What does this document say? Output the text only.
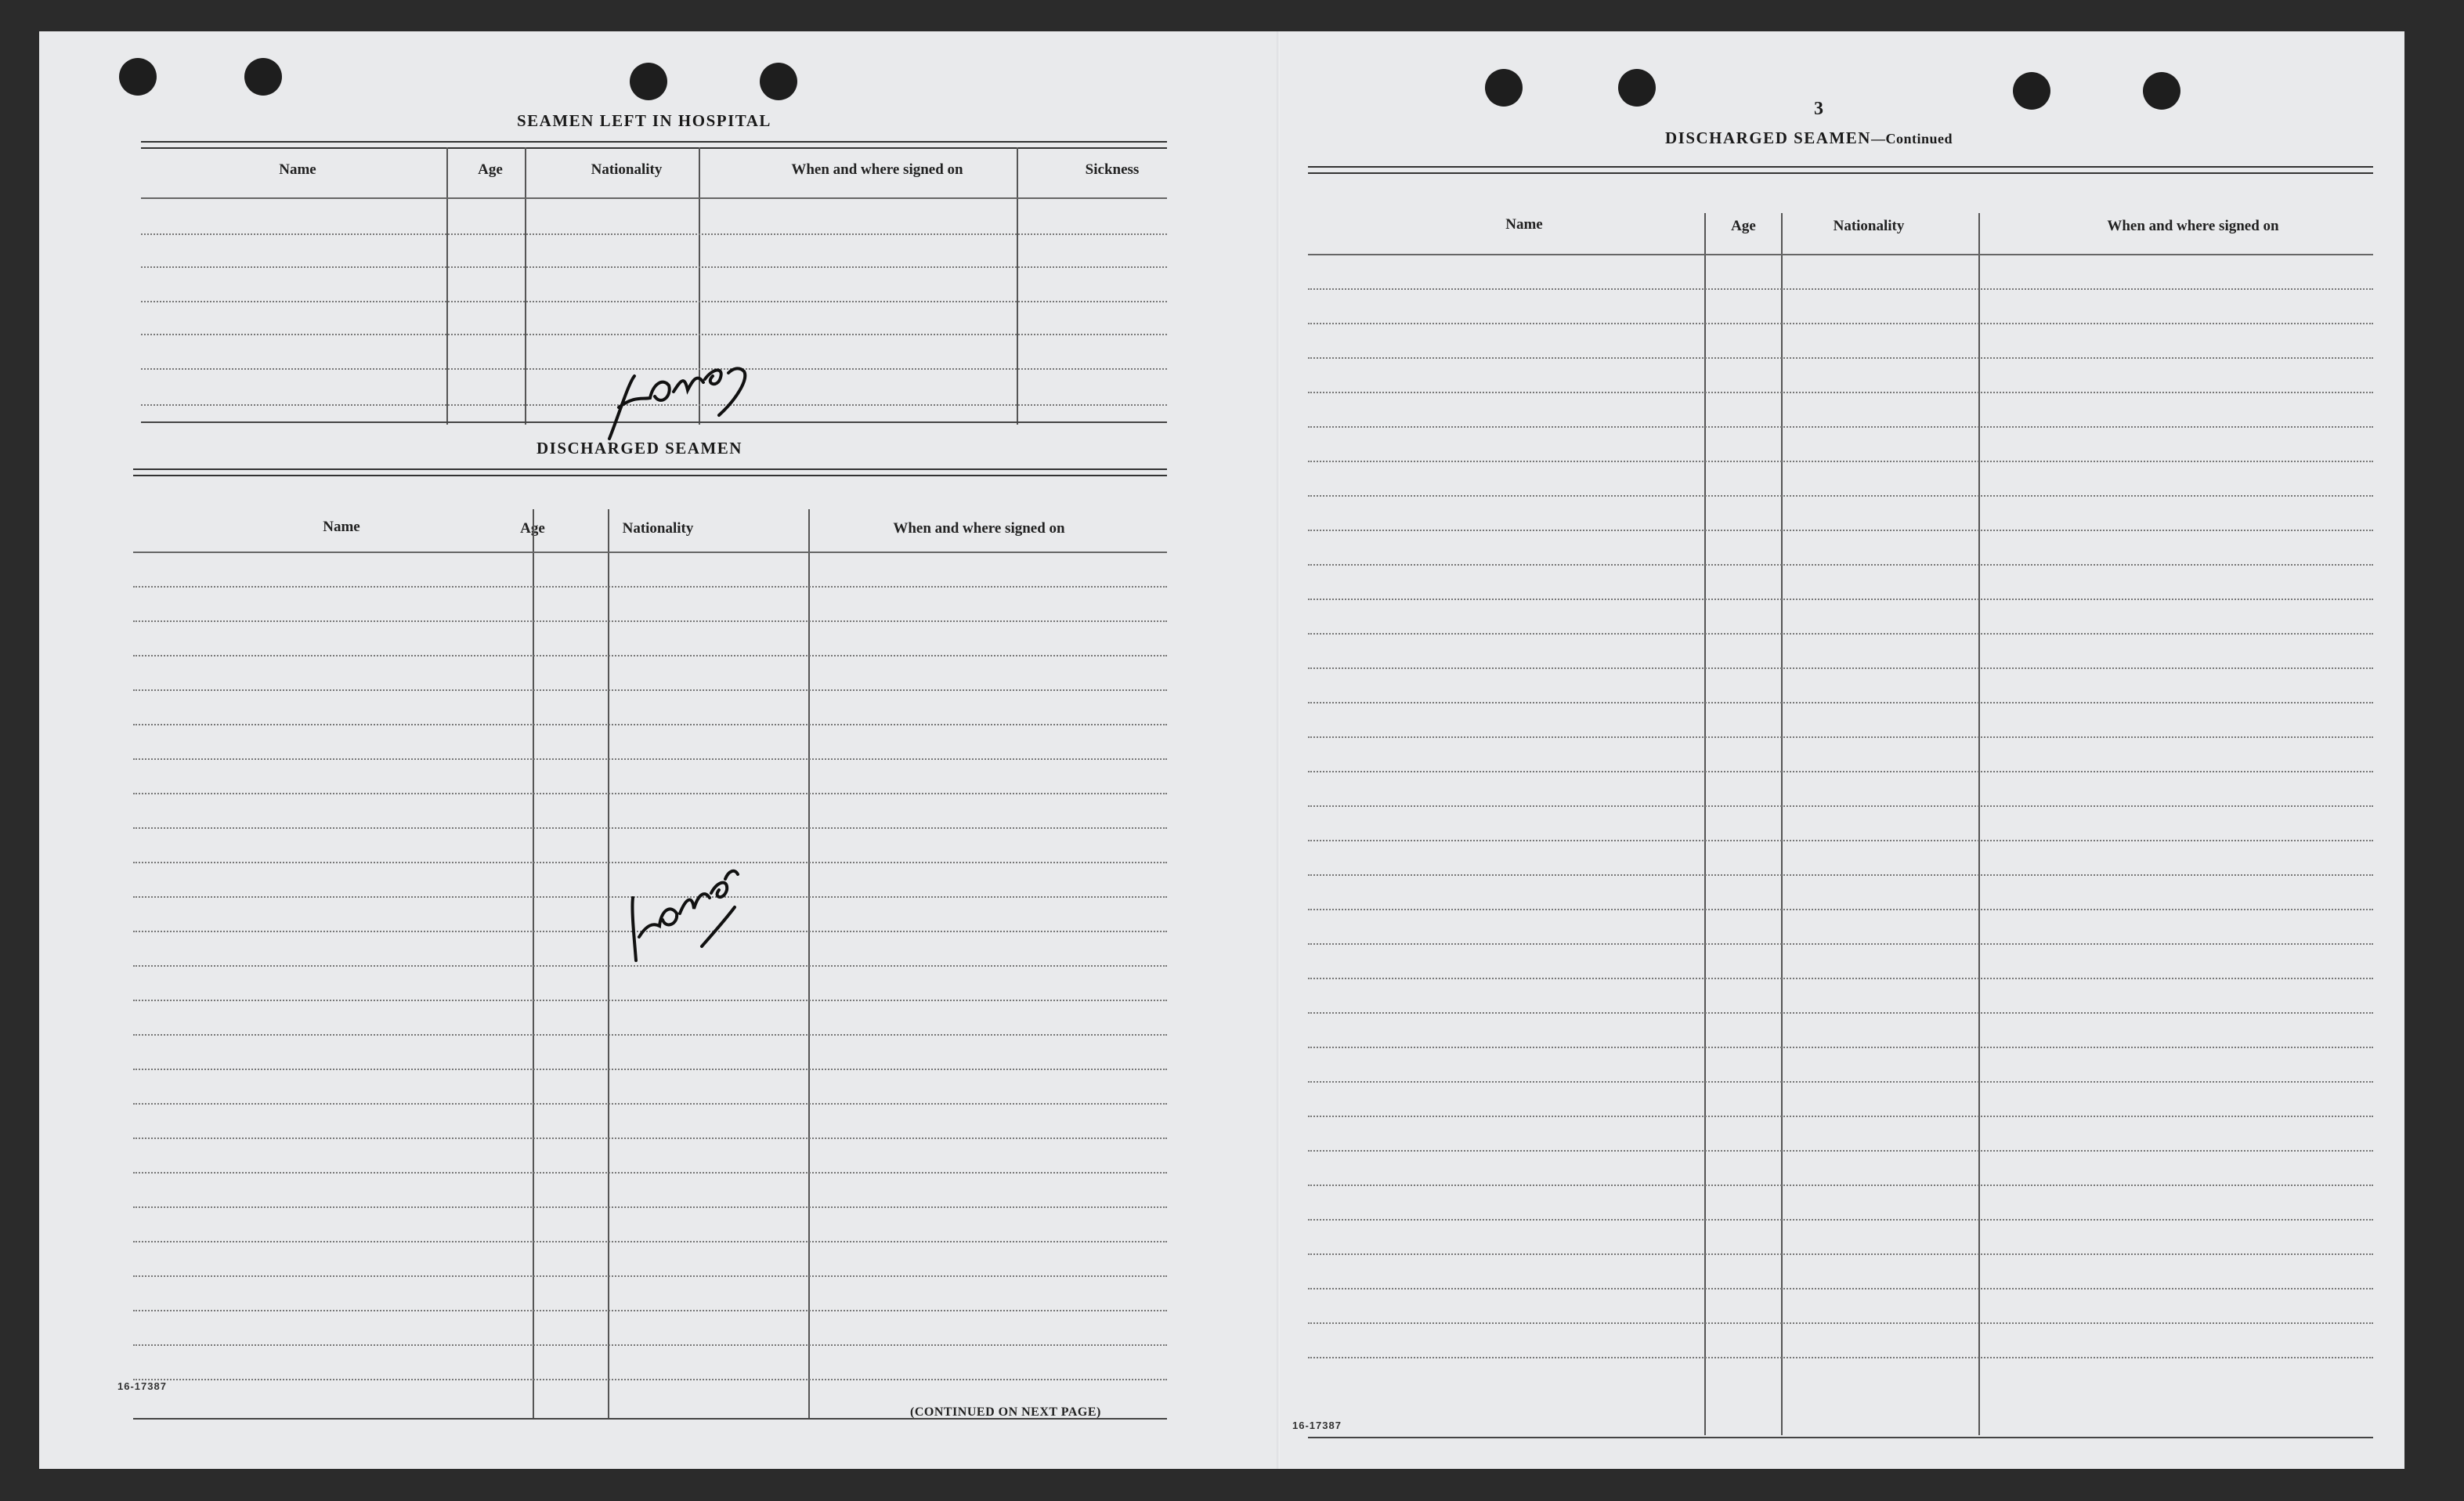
SEAMEN LEFT IN HOSPITAL
Name	Age	Nationality	When and where signed on	Sickness
DISCHARGED SEAMEN
Name	Age	Nationality	When and where signed on
16-17387
(CONTINUED ON NEXT PAGE)
3
DISCHARGED SEAMEN—Continued
Name	Age	Nationality	When and where signed on
16-17387
